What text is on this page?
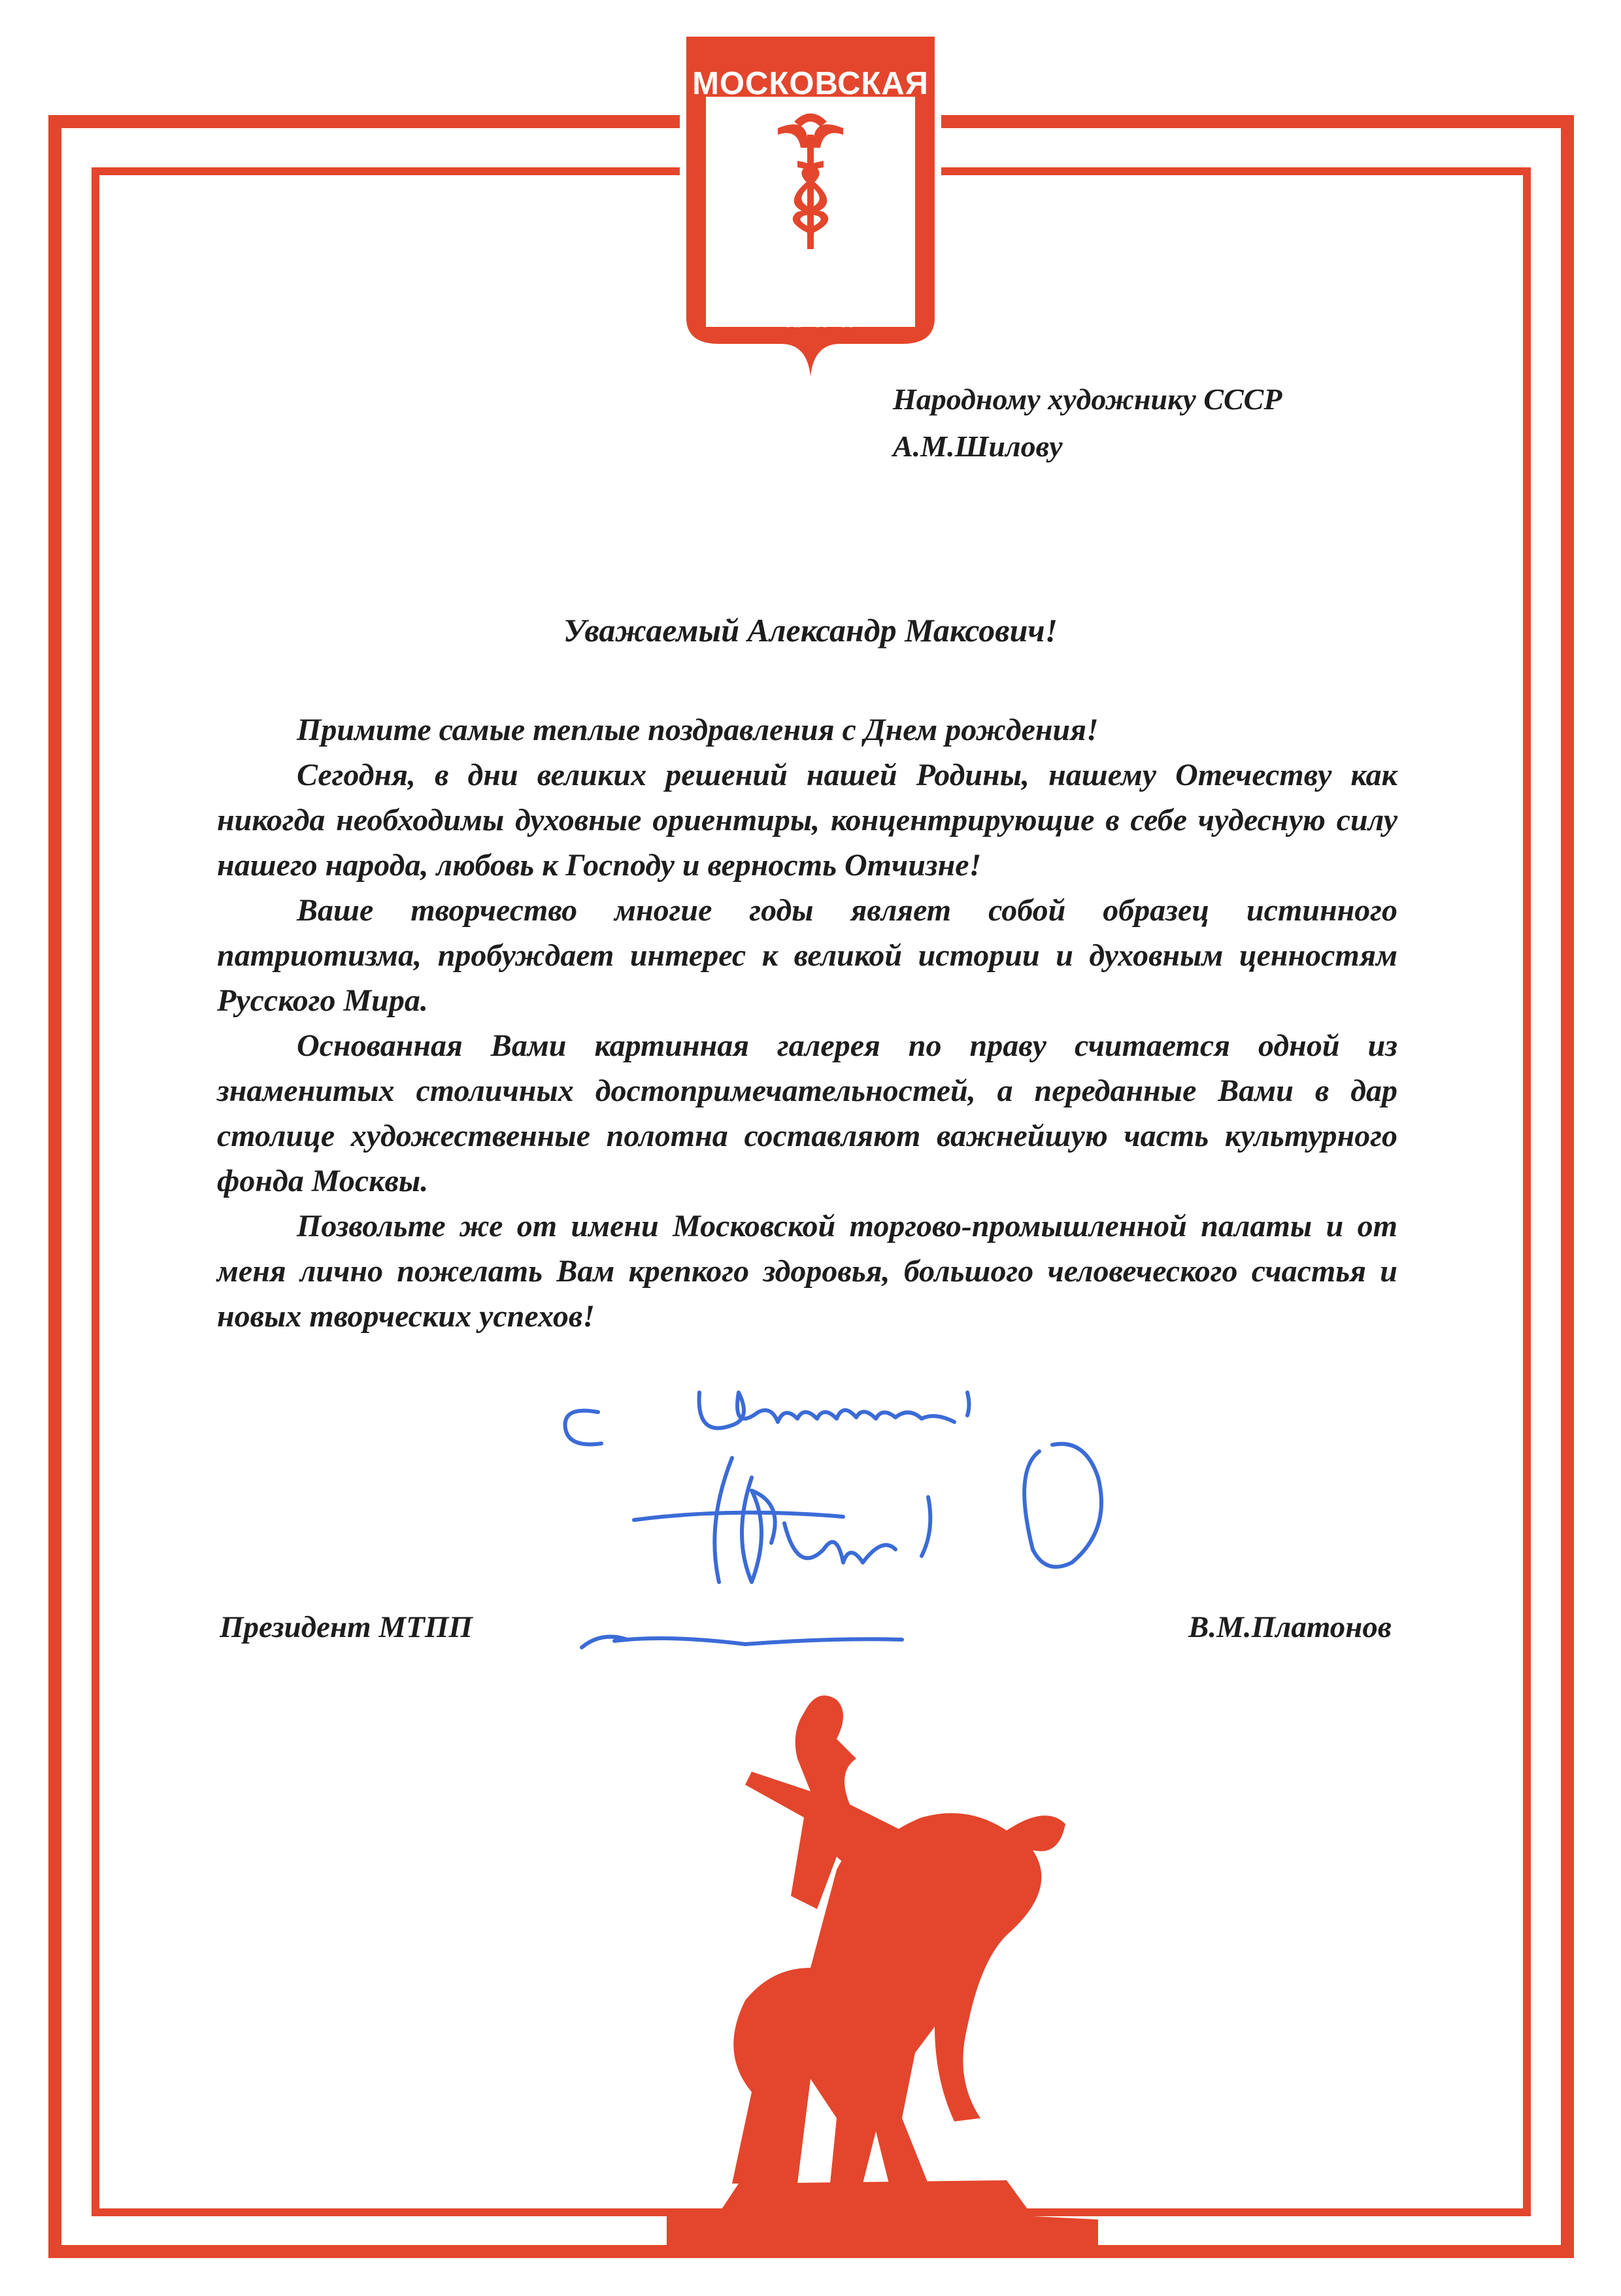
МОСКОВСКАЯ
торгово-
промышленная
палата
Народному художнику СССР
А.М.Шилову
Уважаемый Александр Максович!

Примите самые теплые поздравления с Днем рождения!

Сегодня, в дни великих решений нашей Родины, нашему Отечеству как никогда необходимы духовные ориентиры, концентрирующие в себе чудесную силу нашего народа, любовь к Господу и верность Отчизне!

Ваше творчество многие годы являет собой образец истинного патриотизма, пробуждает интерес к великой истории и духовным ценностям Русского Мира.

Основанная Вами картинная галерея по праву считается одной из знаменитых столичных достопримечательностей, а переданные Вами в дар столице художественные полотна составляют важнейшую часть культурного фонда Москвы.

Позвольте же от имени Московской торгово-промышленной палаты и от меня лично пожелать Вам крепкого здоровья, большого человеческого счастья и новых творческих успехов!

С уважением,
Президент МТПП	В.М.Платонов
